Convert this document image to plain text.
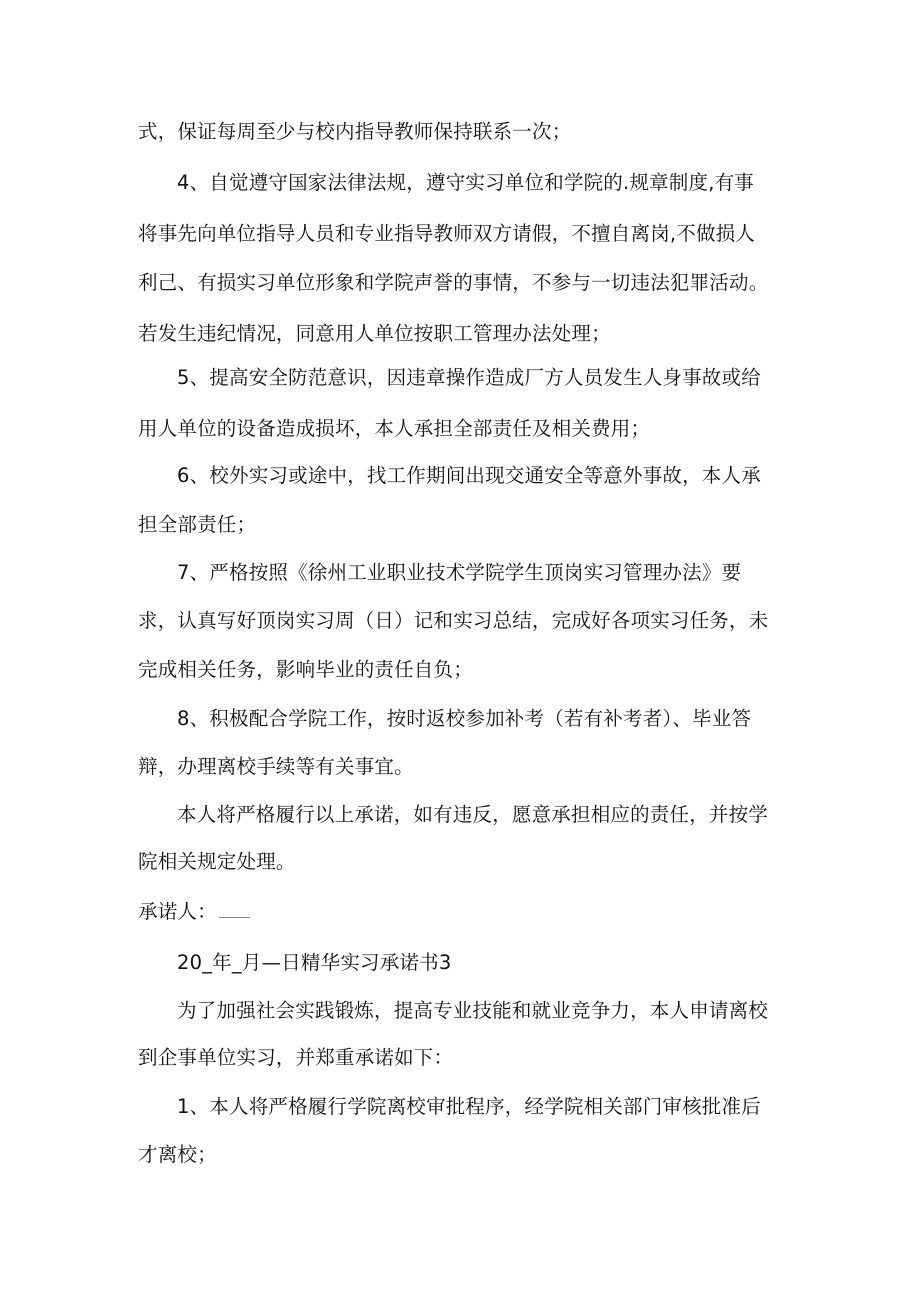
式，保证每周至少与校内指导教师保持联系一次；
4、自觉遵守国家法律法规，遵守实习单位和学院的.规章制度,有事
将事先向单位指导人员和专业指导教师双方请假，不擅自离岗,不做损人
利己、有损实习单位形象和学院声誉的事情，不参与一切违法犯罪活动。
若发生违纪情况，同意用人单位按职工管理办法处理；
5、提高安全防范意识，因违章操作造成厂方人员发生人身事故或给
用人单位的设备造成损坏，本人承担全部责任及相关费用；
6、校外实习或途中，找工作期间出现交通安全等意外事故，本人承
担全部责任；
7、严格按照《徐州工业职业技术学院学生顶岗实习管理办法》要
求，认真写好顶岗实习周（日）记和实习总结，完成好各项实习任务，未
完成相关任务，影响毕业的责任自负；
8、积极配合学院工作，按时返校参加补考（若有补考者）、毕业答
辩，办理离校手续等有关事宜。
本人将严格履行以上承诺，如有违反，愿意承担相应的责任，并按学
院相关规定处理。
承诺人：
20_年_月—日精华实习承诺书3
为了加强社会实践锻炼，提高专业技能和就业竞争力，本人申请离校
到企事单位实习，并郑重承诺如下：
1、本人将严格履行学院离校审批程序，经学院相关部门审核批准后
才离校；
